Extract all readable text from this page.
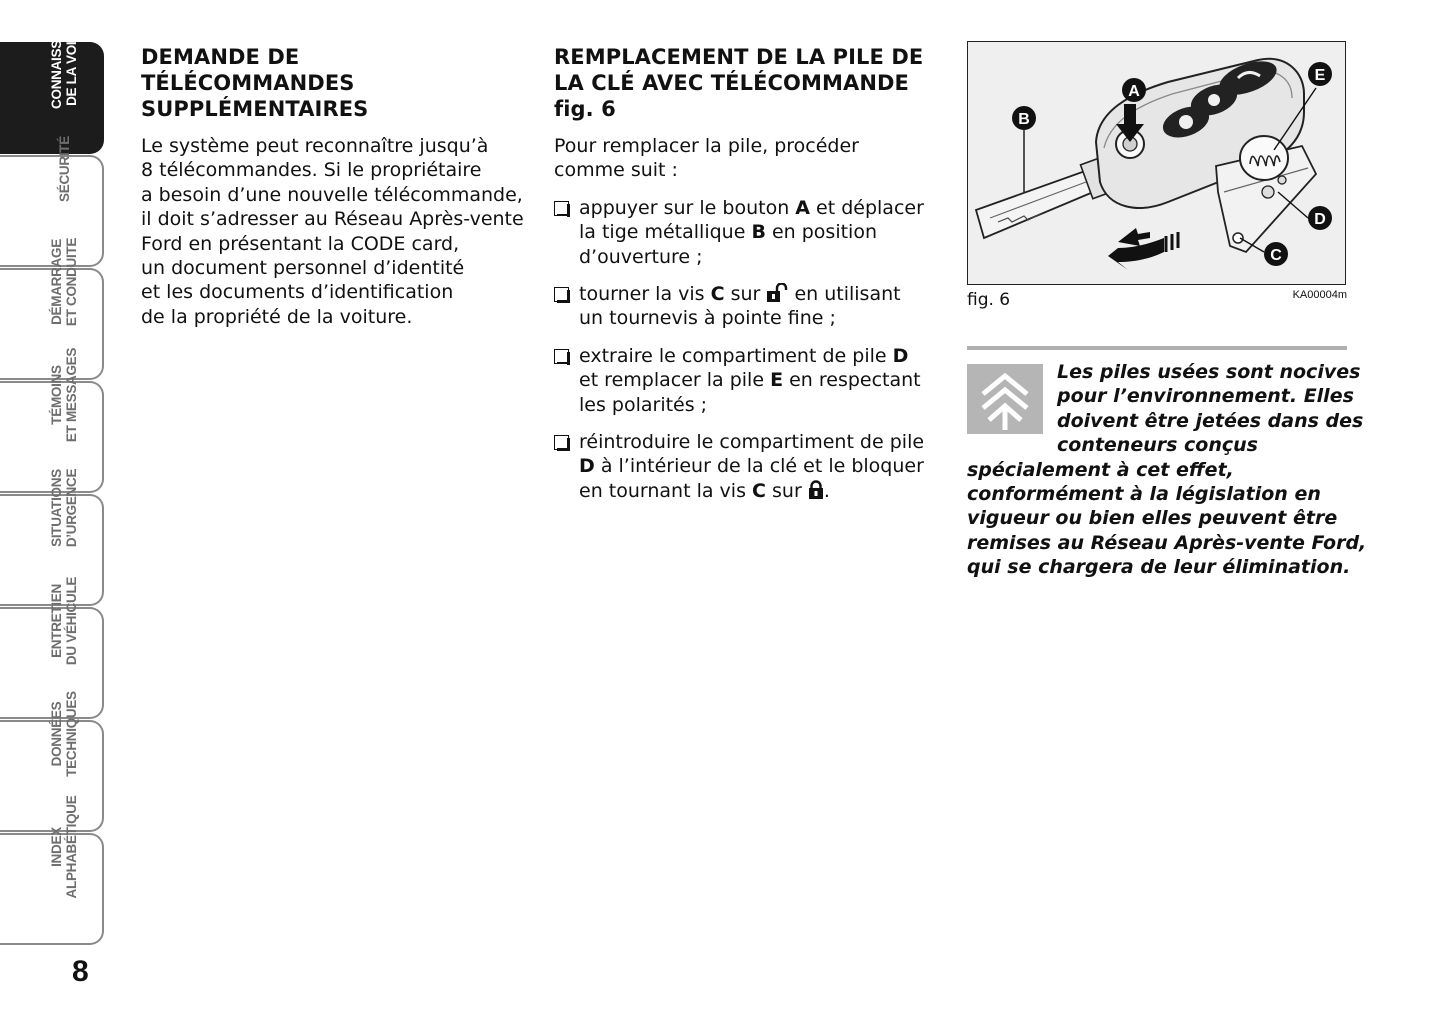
CONNAISSANCE DE LA VOITURE
SÉCURITÉ
DÉMARRAGE ET CONDUITE
TÉMOINS ET MESSAGES
SITUATIONS D’URGENCE
ENTRETIEN DU VÉHICULE
DONNÉES TECHNIQUES
INDEX ALPHABÉTIQUE
8
DEMANDE DE
TÉLÉCOMMANDES
SUPPLÉMENTAIRES

Le système peut reconnaître jusqu’à
8 télécommandes. Si le propriétaire
a besoin d’une nouvelle télécommande,
il doit s’adresser au Réseau Après-vente
Ford en présentant la CODE card,
un document personnel d’identité
et les documents d’identification
de la propriété de la voiture.

REMPLACEMENT DE LA PILE DE
LA CLÉ AVEC TÉLÉCOMMANDE
fig. 6

Pour remplacer la pile, procéder
comme suit :

appuyer sur le bouton A et déplacer
la tige métallique B en position
d’ouverture ;
tourner la vis C sur  en utilisant
un tournevis à pointe fine ;
extraire le compartiment de pile D
et remplacer la pile E en respectant
les polarités ;
réintroduire le compartiment de pile
D à l’intérieur de la clé et le bloquer
en tournant la vis C sur .
A
B
C
D
E
fig. 6	KA00004m
Les piles usées sont nocives
pour l’environnement. Elles
doivent être jetées dans des
conteneurs conçus
spécialement à cet effet,
conformément à la législation en
vigueur ou bien elles peuvent être
remises au Réseau Après-vente Ford,
qui se chargera de leur élimination.
